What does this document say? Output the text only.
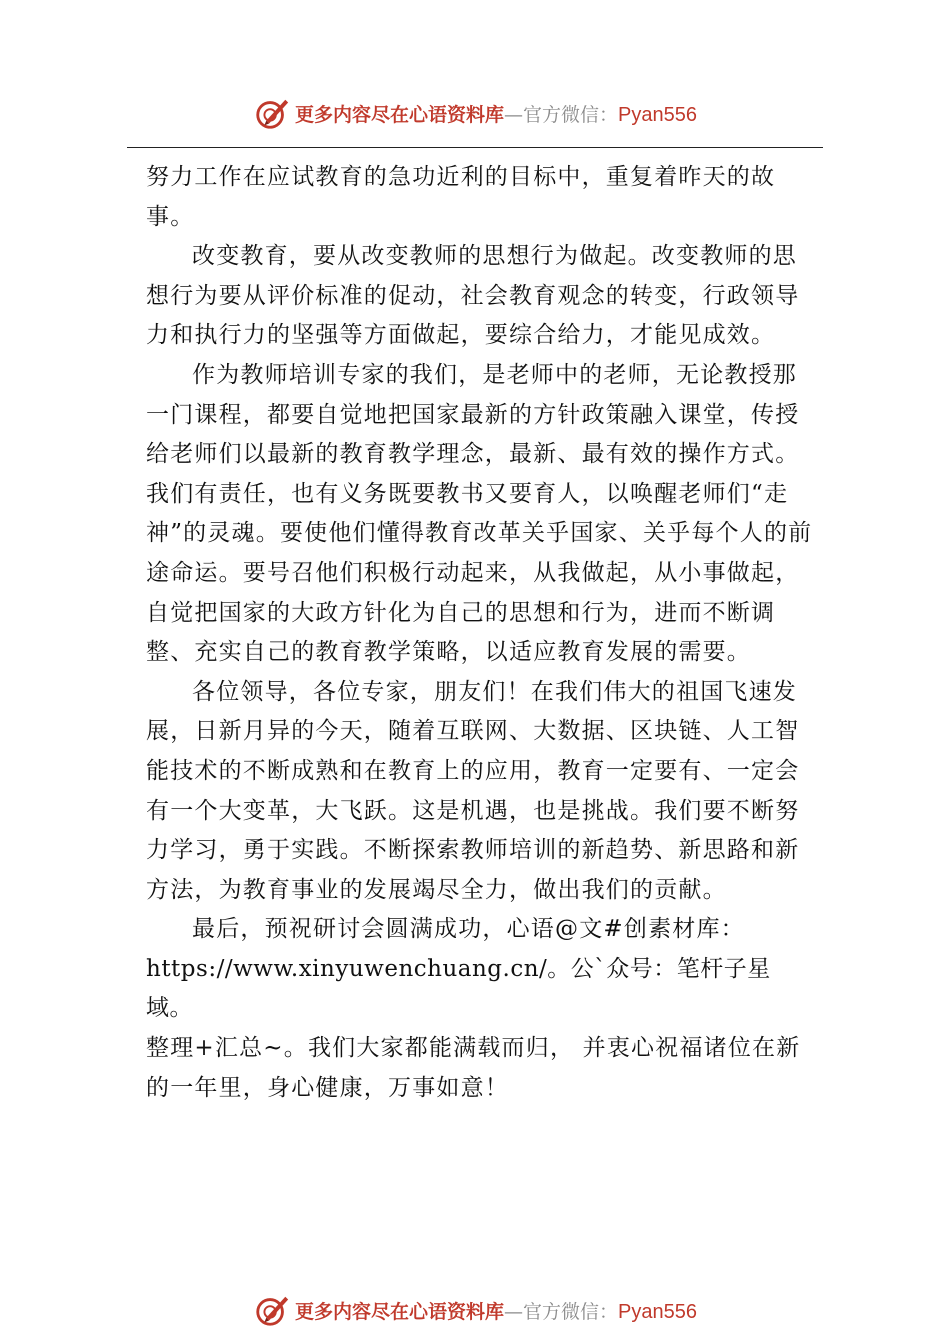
更多内容尽在心语资料库—官方微信：Pyan556

努力工作在应试教育的急功近利的目标中，重复着昨天的故事。

改变教育，要从改变教师的思想行为做起。改变教师的思想行为要从评价标准的促动，社会教育观念的转变，行政领导力和执行力的坚强等方面做起，要综合给力，才能见成效。

作为教师培训专家的我们，是老师中的老师，无论教授那一门课程，都要自觉地把国家最新的方针政策融入课堂，传授给老师们以最新的教育教学理念，最新、最有效的操作方式。我们有责任，也有义务既要教书又要育人，以唤醒老师们“走神”的灵魂。要使他们懂得教育改革关乎国家、关乎每个人的前途命运。要号召他们积极行动起来，从我做起，从小事做起，自觉把国家的大政方针化为自己的思想和行为，进而不断调整、充实自己的教育教学策略，以适应教育发展的需要。

各位领导，各位专家，朋友们！在我们伟大的祖国飞速发展，日新月异的今天，随着互联网、大数据、区块链、人工智能技术的不断成熟和在教育上的应用，教育一定要有、一定会有一个大变革，大飞跃。这是机遇，也是挑战。我们要不断努力学习，勇于实践。不断探索教师培训的新趋势、新思路和新方法，为教育事业的发展竭尽全力，做出我们的贡献。

最后，预祝研讨会圆满成功，心语@文#创素材库：

https://www.xinyuwenchuang.cn/。公`众号：笔杆子星域。

整理+汇总~。我们大家都能满载而归， 并衷心祝福诸位在新的一年里，身心健康，万事如意！

更多内容尽在心语资料库—官方微信：Pyan556
